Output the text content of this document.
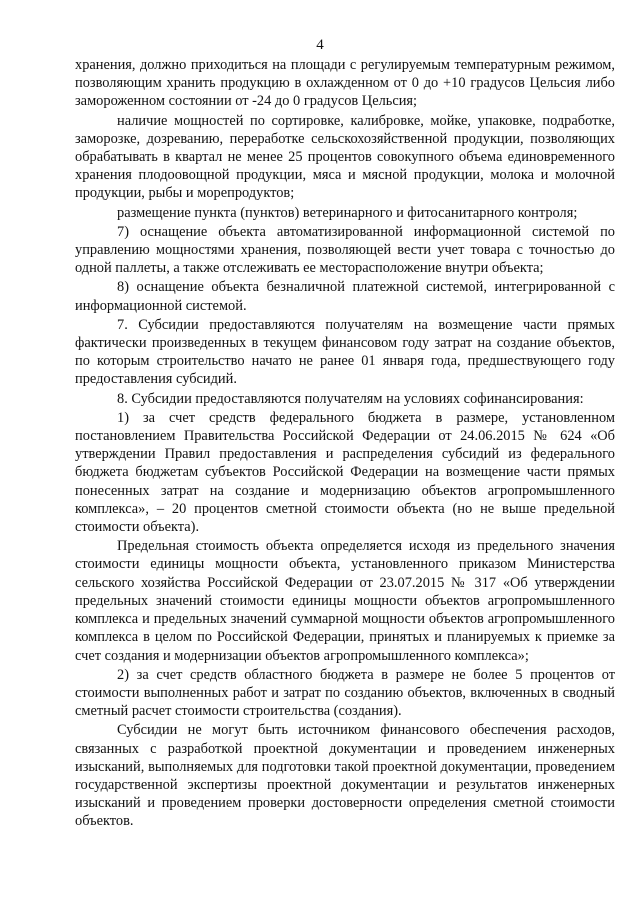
4

хранения, должно приходиться на площади с регулируемым температурным режимом, позволяющим хранить продукцию в охлажденном от 0 до +10 градусов Цельсия либо замороженном состоянии от -24 до 0 градусов Цельсия;

наличие мощностей по сортировке, калибровке, мойке, упаковке, подработке, заморозке, дозреванию, переработке сельскохозяйственной продукции, позволяющих обрабатывать в квартал не менее 25 процентов совокупного объема единовременного хранения плодоовощной продукции, мяса и мясной продукции, молока и молочной продукции, рыбы и морепродуктов;

размещение пункта (пунктов) ветеринарного и фитосанитарного контроля;

7) оснащение объекта автоматизированной информационной системой по управлению мощностями хранения, позволяющей вести учет товара с точностью до одной паллеты, а также отслеживать ее месторасположение внутри объекта;

8) оснащение объекта безналичной платежной системой, интегрированной с информационной системой.

7. Субсидии предоставляются получателям на возмещение части прямых фактически произведенных в текущем финансовом году затрат на создание объектов, по которым строительство начато не ранее 01 января года, предшествующего году предоставления субсидий.

8. Субсидии предоставляются получателям на условиях софинансирования:

1) за счет средств федерального бюджета в размере, установленном постановлением Правительства Российской Федерации от 24.06.2015 № 624 «Об утверждении Правил предоставления и распределения субсидий из федерального бюджета бюджетам субъектов Российской Федерации на возмещение части прямых понесенных затрат на создание и модернизацию объектов агропромышленного комплекса», – 20 процентов сметной стоимости объекта (но не выше предельной стоимости объекта).

Предельная стоимость объекта определяется исходя из предельного значения стоимости единицы мощности объекта, установленного приказом Министерства сельского хозяйства Российской Федерации от 23.07.2015 № 317 «Об утверждении предельных значений стоимости единицы мощности объектов агропромышленного комплекса и предельных значений суммарной мощности объектов агропромышленного комплекса в целом по Российской Федерации, принятых и планируемых к приемке за счет создания и модернизации объектов агропромышленного комплекса»;

2) за счет средств областного бюджета в размере не более 5 процентов от стоимости выполненных работ и затрат по созданию объектов, включенных в сводный сметный расчет стоимости строительства (создания).

Субсидии не могут быть источником финансового обеспечения расходов, связанных с разработкой проектной документации и проведением инженерных изысканий, выполняемых для подготовки такой проектной документации, проведением государственной экспертизы проектной документации и результатов инженерных изысканий и проведением проверки достоверности определения сметной стоимости объектов.
